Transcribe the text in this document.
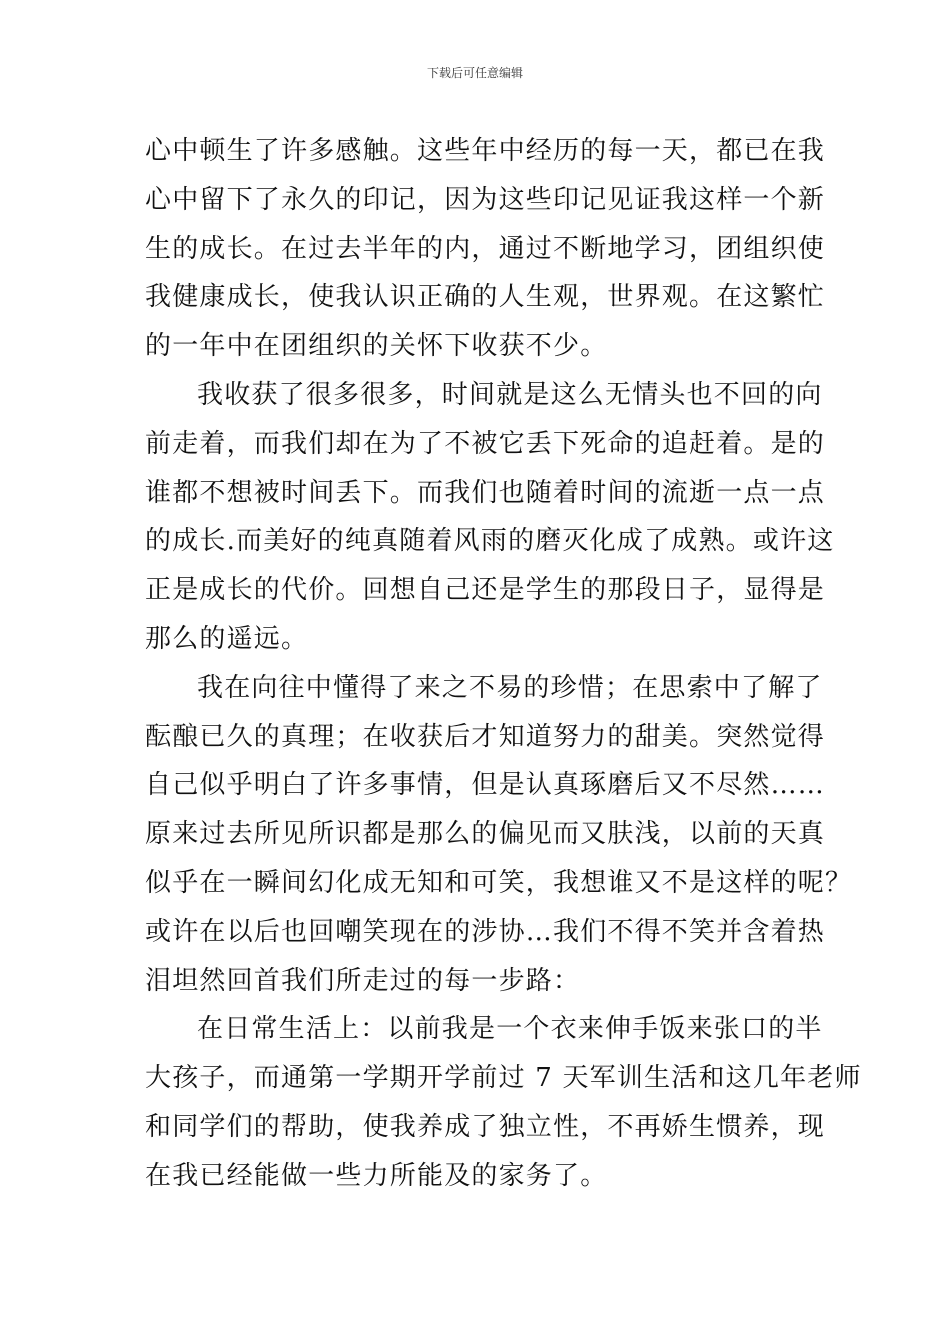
下载后可任意编辑
心中顿生了许多感触。这些年中经历的每一天，都已在我
心中留下了永久的印记，因为这些印记见证我这样一个新
生的成长。在过去半年的内，通过不断地学习，团组织使
我健康成长，使我认识正确的人生观，世界观。在这繁忙
的一年中在团组织的关怀下收获不少。
我收获了很多很多，时间就是这么无情头也不回的向
前走着，而我们却在为了不被它丢下死命的追赶着。是的
谁都不想被时间丢下。而我们也随着时间的流逝一点一点
的成长.而美好的纯真随着风雨的磨灭化成了成熟。或许这
正是成长的代价。回想自己还是学生的那段日子，显得是
那么的遥远。
我在向往中懂得了来之不易的珍惜；在思索中了解了
酝酿已久的真理；在收获后才知道努力的甜美。突然觉得
自己似乎明白了许多事情，但是认真琢磨后又不尽然……
原来过去所见所识都是那么的偏见而又肤浅，以前的天真
似乎在一瞬间幻化成无知和可笑，我想谁又不是这样的呢？
或许在以后也回嘲笑现在的涉协…我们不得不笑并含着热
泪坦然回首我们所走过的每一步路：
在日常生活上：以前我是一个衣来伸手饭来张口的半
大孩子，而通第一学期开学前过 7 天军训生活和这几年老师
和同学们的帮助，使我养成了独立性，不再娇生惯养，现
在我已经能做一些力所能及的家务了。
